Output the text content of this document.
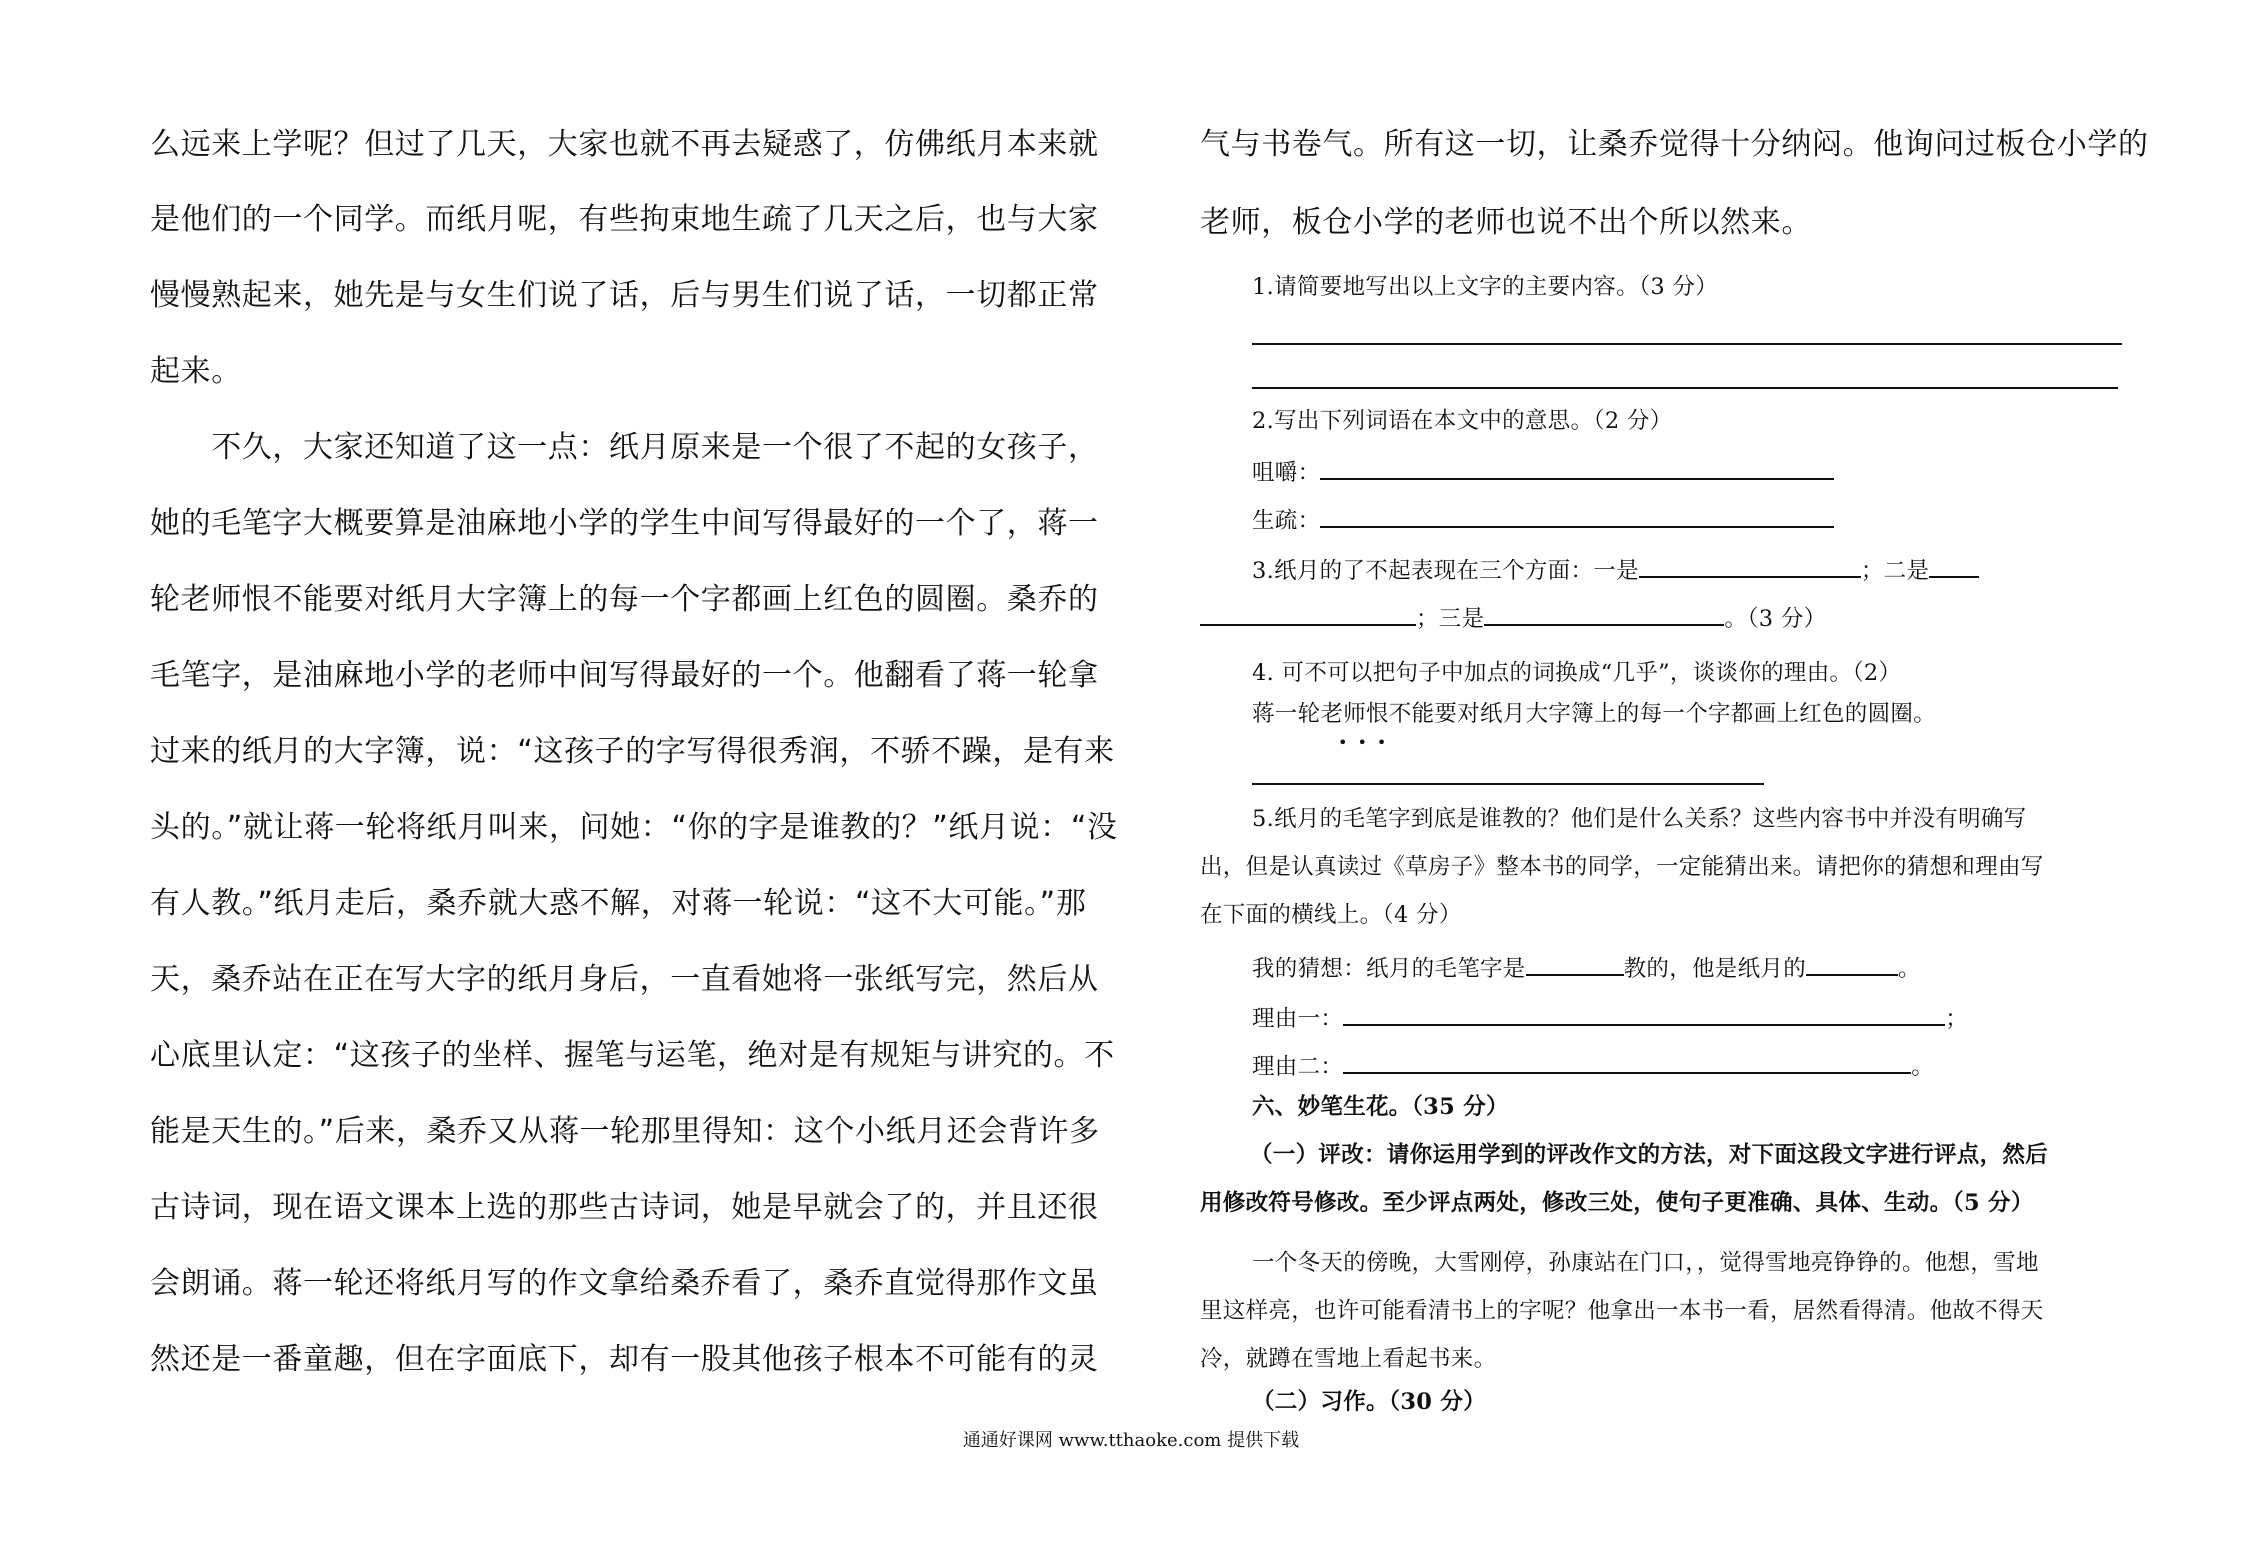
么远来上学呢？但过了几天，大家也就不再去疑惑了，仿佛纸月本来就
是他们的一个同学。而纸月呢，有些拘束地生疏了几天之后，也与大家
慢慢熟起来，她先是与女生们说了话，后与男生们说了话，一切都正常
起来。
　　不久，大家还知道了这一点：纸月原来是一个很了不起的女孩子，
她的毛笔字大概要算是油麻地小学的学生中间写得最好的一个了，蒋一
轮老师恨不能要对纸月大字簿上的每一个字都画上红色的圆圈。桑乔的
毛笔字，是油麻地小学的老师中间写得最好的一个。他翻看了蒋一轮拿
过来的纸月的大字簿，说：“这孩子的字写得很秀润，不骄不躁，是有来
头的。”就让蒋一轮将纸月叫来，问她：“你的字是谁教的？”纸月说：“没
有人教。”纸月走后，桑乔就大惑不解，对蒋一轮说：“这不大可能。”那
天，桑乔站在正在写大字的纸月身后，一直看她将一张纸写完，然后从
心底里认定：“这孩子的坐样、握笔与运笔，绝对是有规矩与讲究的。不
能是天生的。”后来，桑乔又从蒋一轮那里得知：这个小纸月还会背许多
古诗词，现在语文课本上选的那些古诗词，她是早就会了的，并且还很
会朗诵。蒋一轮还将纸月写的作文拿给桑乔看了，桑乔直觉得那作文虽
然还是一番童趣，但在字面底下，却有一股其他孩子根本不可能有的灵
气与书卷气。所有这一切，让桑乔觉得十分纳闷。他询问过板仓小学的
老师，板仓小学的老师也说不出个所以然来。
1.请简要地写出以上文字的主要内容。（3 分）
2.写出下列词语在本文中的意思。（2 分）
咀嚼：
生疏：
3.纸月的了不起表现在三个方面：一是	；二是
；三是	。（3 分）
4. 可不可以把句子中加点的词换成“几乎”，谈谈你的理由。（2）
蒋一轮老师恨不能要对纸月大字簿上的每一个字都画上红色的圆圈。
•••
5.纸月的毛笔字到底是谁教的？他们是什么关系？这些内容书中并没有明确写
出，但是认真读过《草房子》整本书的同学，一定能猜出来。请把你的猜想和理由写
在下面的横线上。（4 分）
我的猜想：纸月的毛笔字是	教的，他是纸月的	。
理由一：	；
理由二：	。
六、妙笔生花。（35 分）
（一）评改：请你运用学到的评改作文的方法，对下面这段文字进行评点，然后
用修改符号修改。至少评点两处，修改三处，使句子更准确、具体、生动。（5 分）
一个冬天的傍晚，大雪刚停，孙康站在门口，，觉得雪地亮铮铮的。他想，雪地
里这样亮，也许可能看清书上的字呢？他拿出一本书一看，居然看得清。他故不得天
冷，就蹲在雪地上看起书来。
（二）习作。（30 分）
通通好课网 www.tthaoke.com 提供下载
